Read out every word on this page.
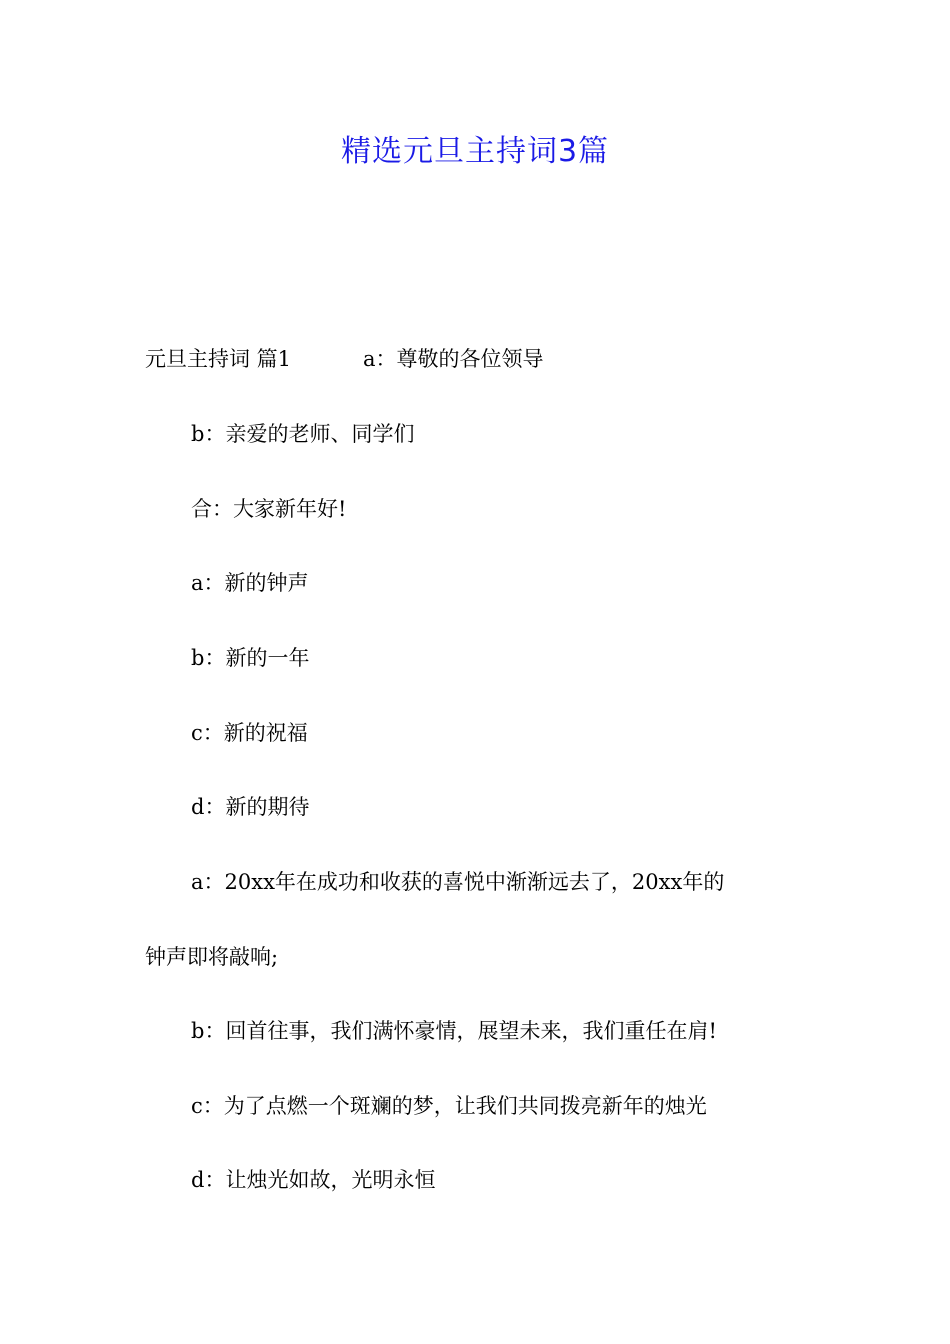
精选元旦主持词3篇
元旦主持词 篇1	a：尊敬的各位领导
b：亲爱的老师、同学们
合：大家新年好!
a：新的钟声
b：新的一年
c：新的祝福
d：新的期待
a：20xx年在成功和收获的喜悦中渐渐远去了，20xx年的
钟声即将敲响;
b：回首往事，我们满怀豪情，展望未来，我们重任在肩!
c：为了点燃一个斑斓的梦，让我们共同拨亮新年的烛光
d：让烛光如故，光明永恒
